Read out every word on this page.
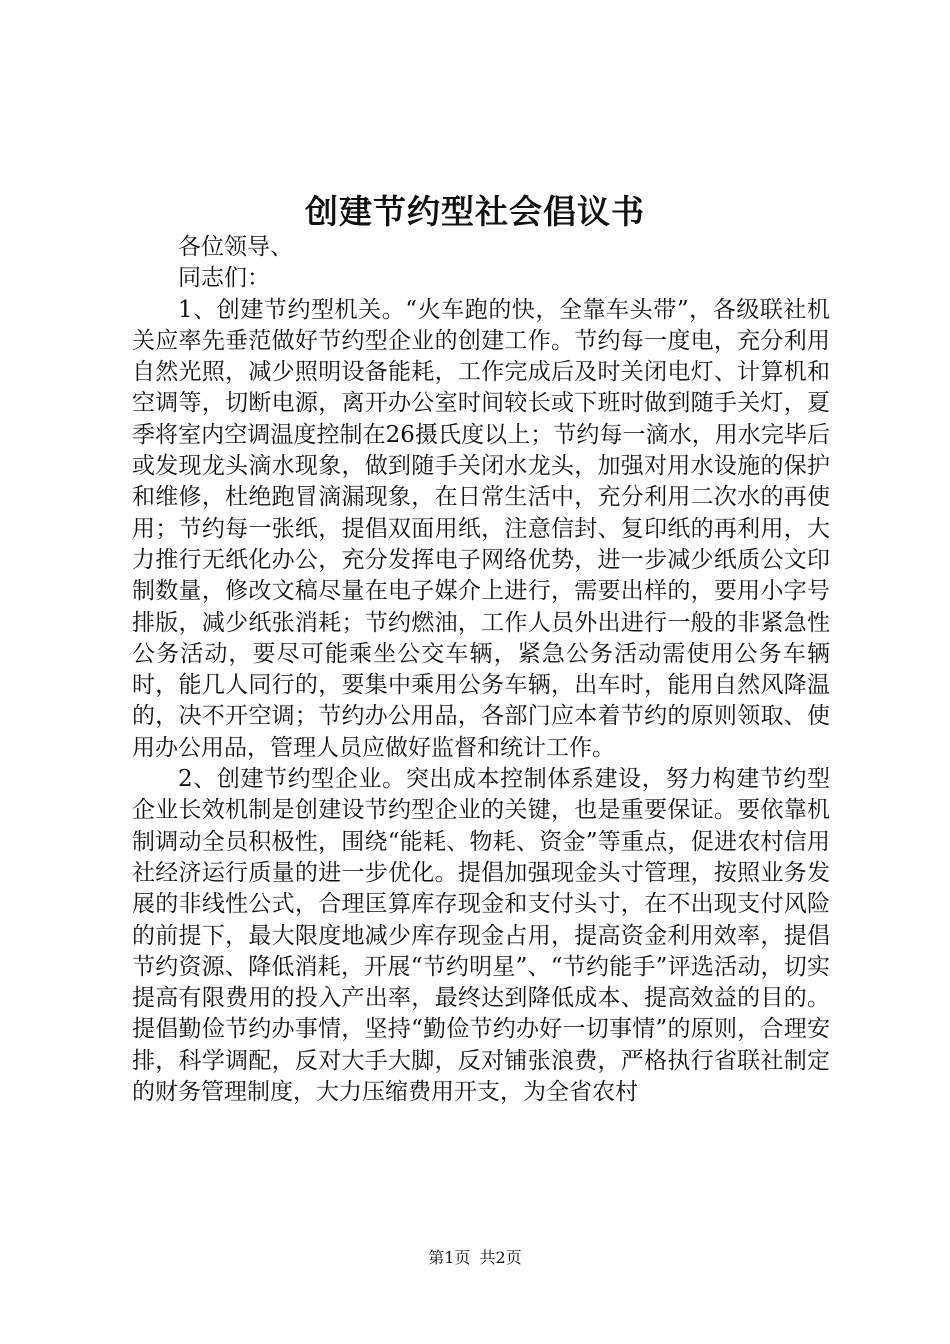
创建节约型社会倡议书

各位领导、

同志们：

1、创建节约型机关。“火车跑的快，全靠车头带”，各级联社机关应率先垂范做好节约型企业的创建工作。节约每一度电，充分利用自然光照，减少照明设备能耗，工作完成后及时关闭电灯、计算机和空调等，切断电源，离开办公室时间较长或下班时做到随手关灯，夏季将室内空调温度控制在26摄氏度以上；节约每一滴水，用水完毕后或发现龙头滴水现象，做到随手关闭水龙头，加强对用水设施的保护和维修，杜绝跑冒滴漏现象，在日常生活中，充分利用二次水的再使用；节约每一张纸，提倡双面用纸，注意信封、复印纸的再利用，大力推行无纸化办公，充分发挥电子网络优势，进一步减少纸质公文印制数量，修改文稿尽量在电子媒介上进行，需要出样的，要用小字号排版，减少纸张消耗；节约燃油，工作人员外出进行一般的非紧急性公务活动，要尽可能乘坐公交车辆，紧急公务活动需使用公务车辆时，能几人同行的，要集中乘用公务车辆，出车时，能用自然风降温的，决不开空调；节约办公用品，各部门应本着节约的原则领取、使用办公用品，管理人员应做好监督和统计工作。

2、创建节约型企业。突出成本控制体系建设，努力构建节约型企业长效机制是创建设节约型企业的关键，也是重要保证。要依靠机制调动全员积极性，围绕“能耗、物耗、资金”等重点，促进农村信用社经济运行质量的进一步优化。提倡加强现金头寸管理，按照业务发展的非线性公式，合理匡算库存现金和支付头寸，在不出现支付风险的前提下，最大限度地减少库存现金占用，提高资金利用效率，提倡节约资源、降低消耗，开展“节约明星”、“节约能手”评选活动，切实提高有限费用的投入产出率，最终达到降低成本、提高效益的目的。提倡勤俭节约办事情，坚持“勤俭节约办好一切事情”的原则，合理安排，科学调配，反对大手大脚，反对铺张浪费，严格执行省联社制定的财务管理制度，大力压缩费用开支，为全省农村

第1页 共2页
